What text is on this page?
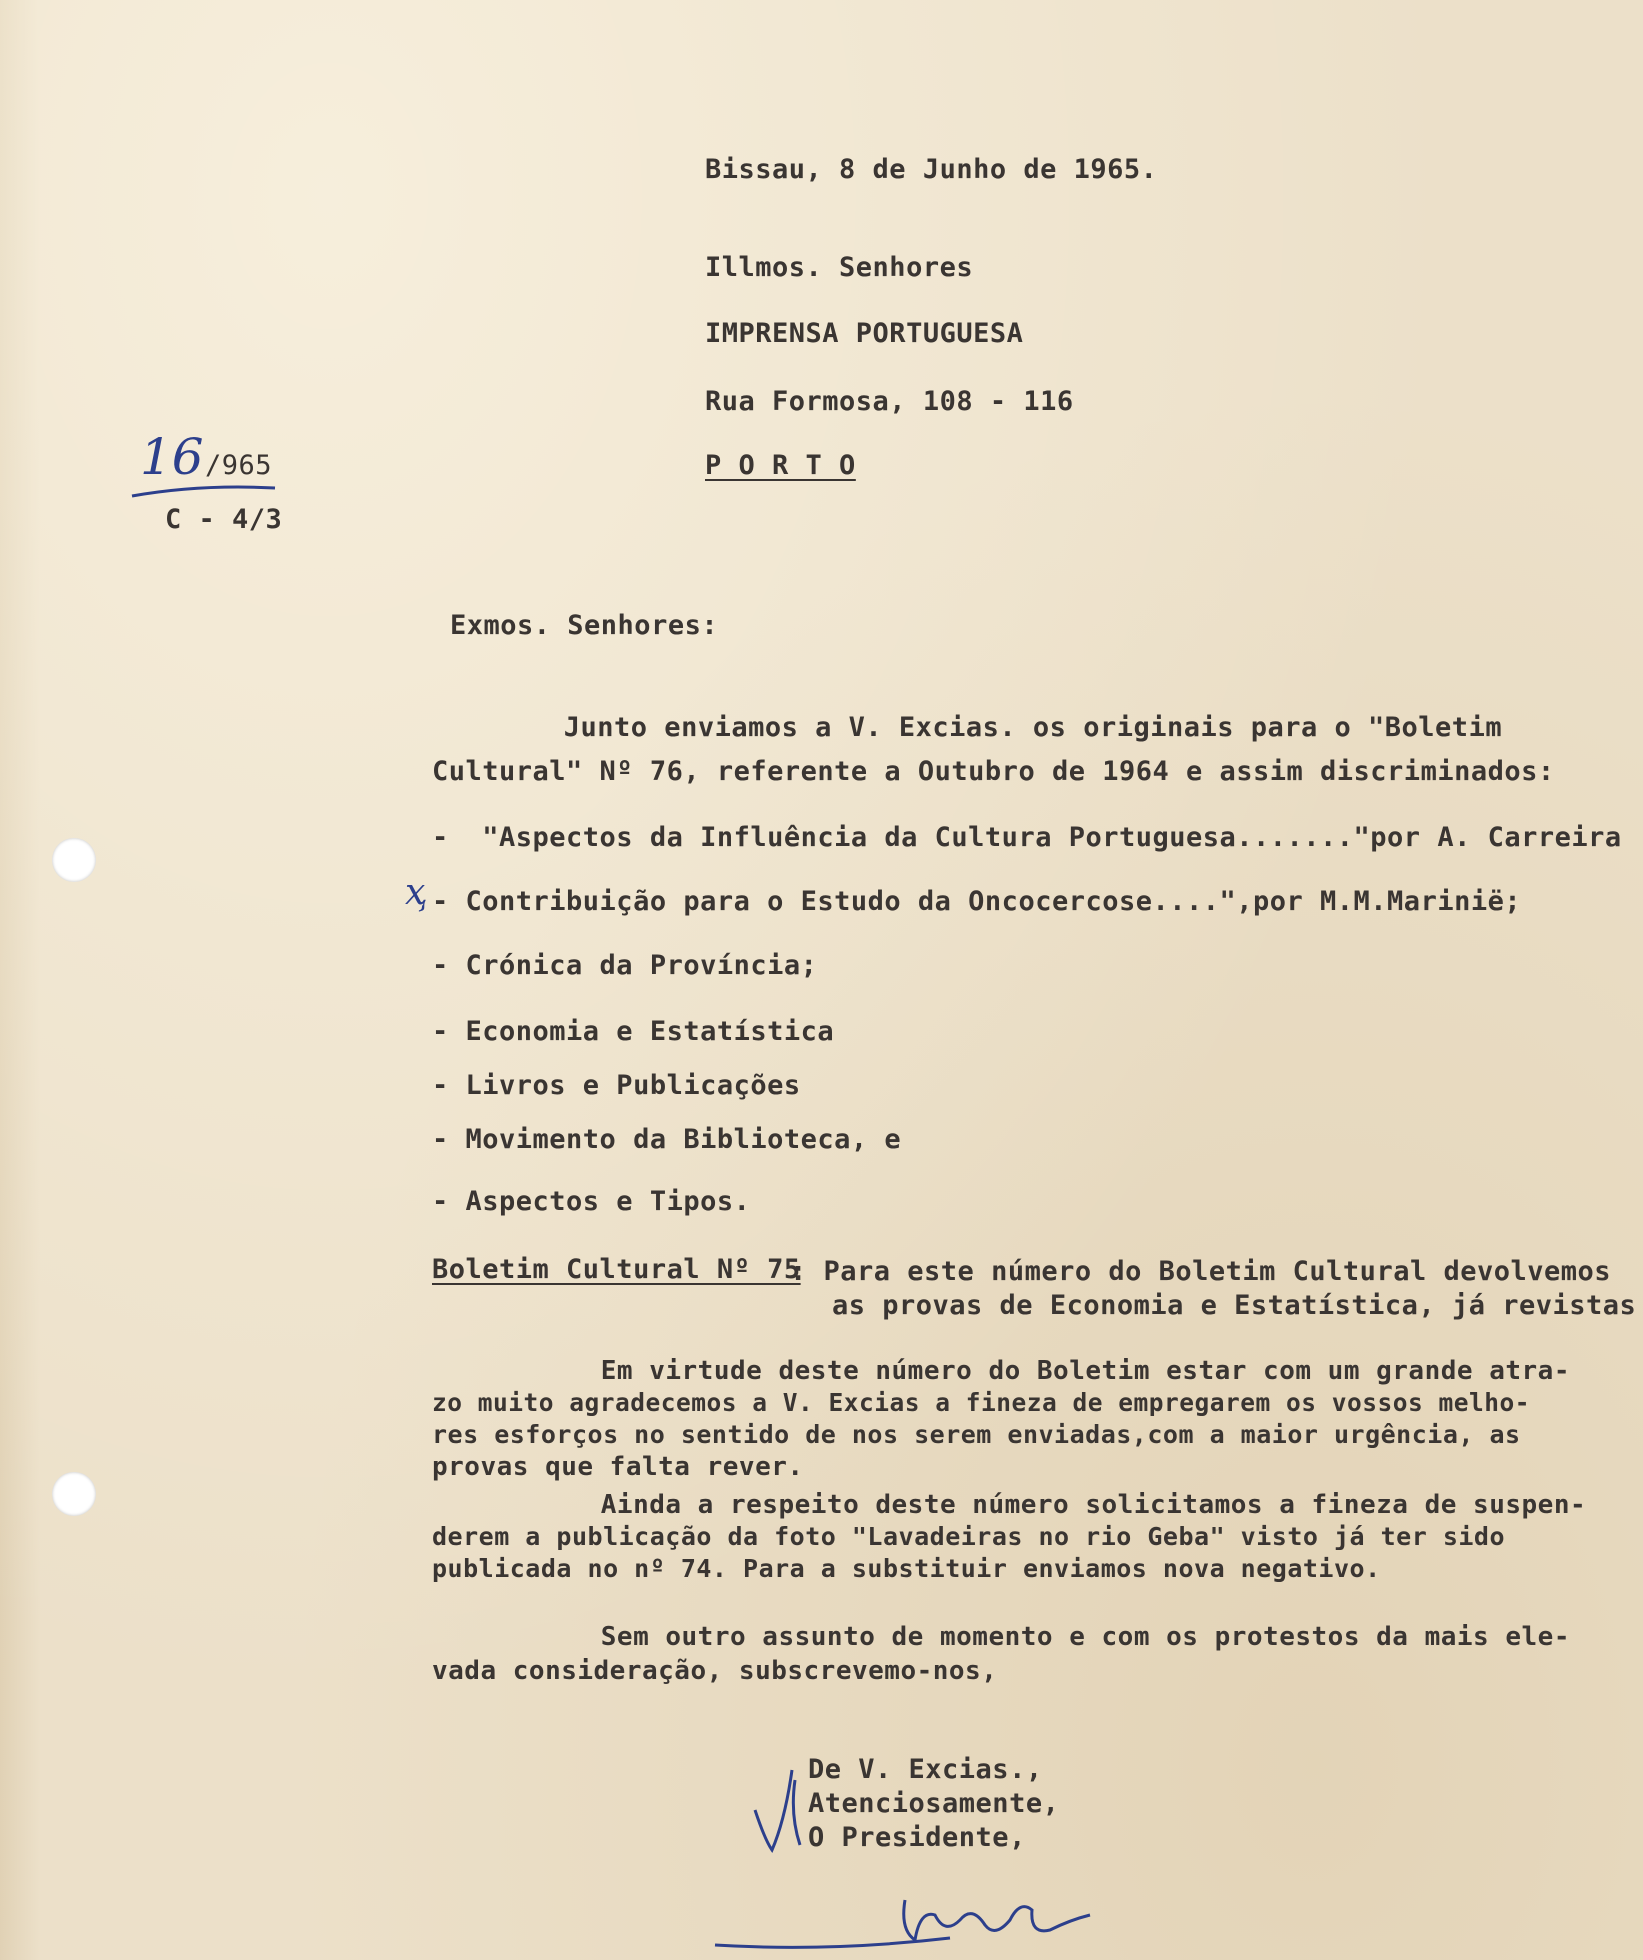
Bissau, 8 de Junho de 1965.
Illmos. Senhores
IMPRENSA PORTUGUESA
Rua Formosa, 108 - 116
P O R T O
16 /965
C - 4/3
Exmos. Senhores:
Junto enviamos a V. Excias. os originais para o "Boletim
Cultural" Nº 76, referente a Outubro de 1964 e assim discriminados:
-  "Aspectos da Influência da Cultura Portuguesa......."por A. Carreira
ҳ - Contribuição para o Estudo da Oncocercose....",por M.M.Marinië;
- Crónica da Província;
- Economia e Estatística
- Livros e Publicações
- Movimento da Biblioteca, e
- Aspectos e Tipos.
Boletim Cultural Nº 75
: Para este número do Boletim Cultural devolvemos
as provas de Economia e Estatística, já revistas
Em virtude deste número do Boletim estar com um grande atra-
zo muito agradecemos a V. Excias a fineza de empregarem os vossos melho-
res esforços no sentido de nos serem enviadas,com a maior urgência, as
provas que falta rever.
Ainda a respeito deste número solicitamos a fineza de suspen-
derem a publicação da foto "Lavadeiras no rio Geba" visto já ter sido
publicada no nº 74. Para a substituir enviamos nova negativo.
Sem outro assunto de momento e com os protestos da mais ele-
vada consideração, subscrevemo-nos,
De V. Excias.,
Atenciosamente,
O Presidente,
